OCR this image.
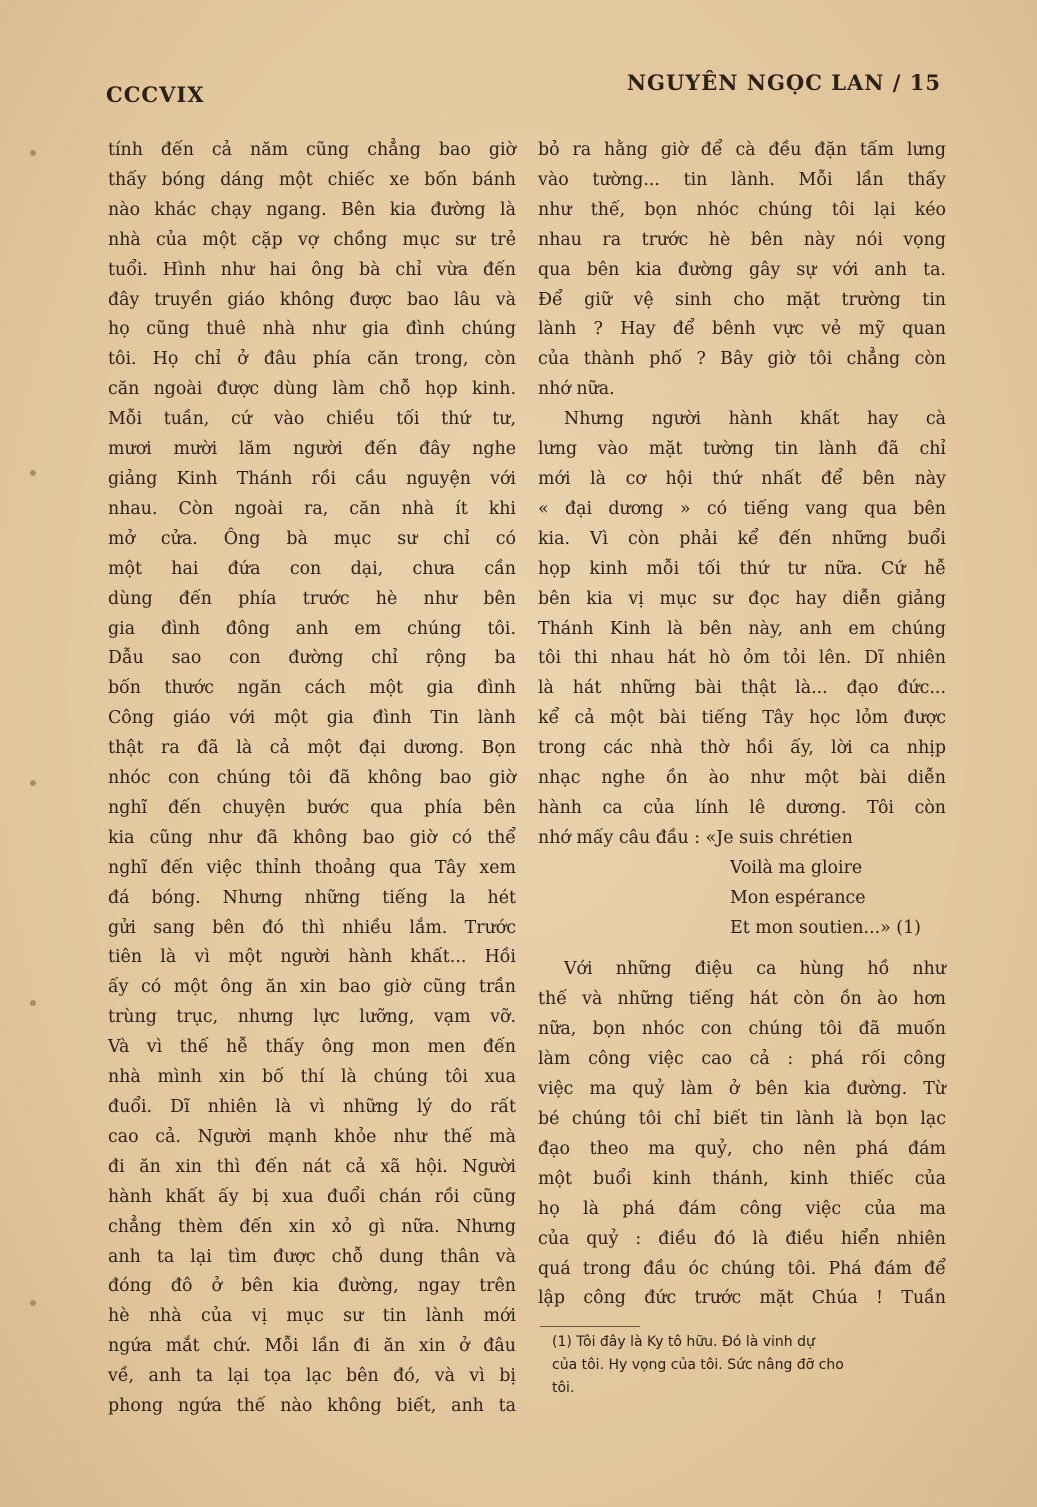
CCCVIX	NGUYÊN NGỌC LAN / 15
tính đến cả năm cũng chẳng bao giờ
thấy bóng dáng một chiếc xe bốn bánh
nào khác chạy ngang. Bên kia đường là
nhà của một cặp vợ chồng mục sư trẻ
tuổi. Hình như hai ông bà chỉ vừa đến
đây truyền giáo không được bao lâu và
họ cũng thuê nhà như gia đình chúng
tôi. Họ chỉ ở đâu phía căn trong, còn
căn ngoài được dùng làm chỗ họp kinh.
Mỗi tuần, cứ vào chiều tối thứ tư,
mươi mười lăm người đến đây nghe
giảng Kinh Thánh rồi cầu nguyện với
nhau. Còn ngoài ra, căn nhà ít khi
mở cửa. Ông bà mục sư chỉ có
một hai đứa con dại, chưa cần
dùng đến phía trước hè như bên
gia đình đông anh em chúng tôi.
Dẫu sao con đường chỉ rộng ba
bốn thước ngăn cách một gia đình
Công giáo với một gia đình Tin lành
thật ra đã là cả một đại dương. Bọn
nhóc con chúng tôi đã không bao giờ
nghĩ đến chuyện bước qua phía bên
kia cũng như đã không bao giờ có thể
nghĩ đến việc thỉnh thoảng qua Tây xem
đá bóng. Nhưng những tiếng la hét
gửi sang bên đó thì nhiều lắm. Trước
tiên là vì một người hành khất... Hồi
ấy có một ông ăn xin bao giờ cũng trần
trùng trục, nhưng lực lưỡng, vạm vỡ.
Và vì thế hễ thấy ông mon men đến
nhà mình xin bố thí là chúng tôi xua
đuổi. Dĩ nhiên là vì những lý do rất
cao cả. Người mạnh khỏe như thế mà
đi ăn xin thì đến nát cả xã hội. Người
hành khất ấy bị xua đuổi chán rồi cũng
chẳng thèm đến xin xỏ gì nữa. Nhưng
anh ta lại tìm được chỗ dung thân và
đóng đô ở bên kia đường, ngay trên
hè nhà của vị mục sư tin lành mới
ngứa mắt chứ. Mỗi lần đi ăn xin ở đâu
về, anh ta lại tọa lạc bên đó, và vì bị
phong ngứa thế nào không biết, anh ta
bỏ ra hằng giờ để cà đều đặn tấm lưng
vào tường... tin lành. Mỗi lần thấy
như thế, bọn nhóc chúng tôi lại kéo
nhau ra trước hè bên này nói vọng
qua bên kia đường gây sự với anh ta.
Để giữ vệ sinh cho mặt trường tin
lành ? Hay để bênh vực vẻ mỹ quan
của thành phố ? Bây giờ tôi chẳng còn
nhớ nữa.
Nhưng người hành khất hay cà
lưng vào mặt tường tin lành đã chỉ
mới là cơ hội thứ nhất để bên này
« đại dương » có tiếng vang qua bên
kia. Vì còn phải kể đến những buổi
họp kinh mỗi tối thứ tư nữa. Cứ hễ
bên kia vị mục sư đọc hay diễn giảng
Thánh Kinh là bên này, anh em chúng
tôi thi nhau hát hò ỏm tỏi lên. Dĩ nhiên
là hát những bài thật là... đạo đức...
kể cả một bài tiếng Tây học lỏm được
trong các nhà thờ hồi ấy, lời ca nhịp
nhạc nghe ồn ào như một bài diễn
hành ca của lính lê dương. Tôi còn
nhớ mấy câu đầu : «Je suis chrétien
Voilà ma gloire
Mon espérance
Et mon soutien...» (1)
Với những điệu ca hùng hồ như
thế và những tiếng hát còn ồn ào hơn
nữa, bọn nhóc con chúng tôi đã muốn
làm công việc cao cả : phá rối công
việc ma quỷ làm ở bên kia đường. Từ
bé chúng tôi chỉ biết tin lành là bọn lạc
đạo theo ma quỷ, cho nên phá đám
một buổi kinh thánh, kinh thiếc của
họ là phá đám công việc của ma
của quỷ : điều đó là điều hiển nhiên
quá trong đầu óc chúng tôi. Phá đám để
lập công đức trước mặt Chúa ! Tuần
(1) Tôi đây là Ky tô hữu. Đó là vinh dự
của tôi. Hy vọng của tôi. Sức nâng đỡ cho
tôi.
